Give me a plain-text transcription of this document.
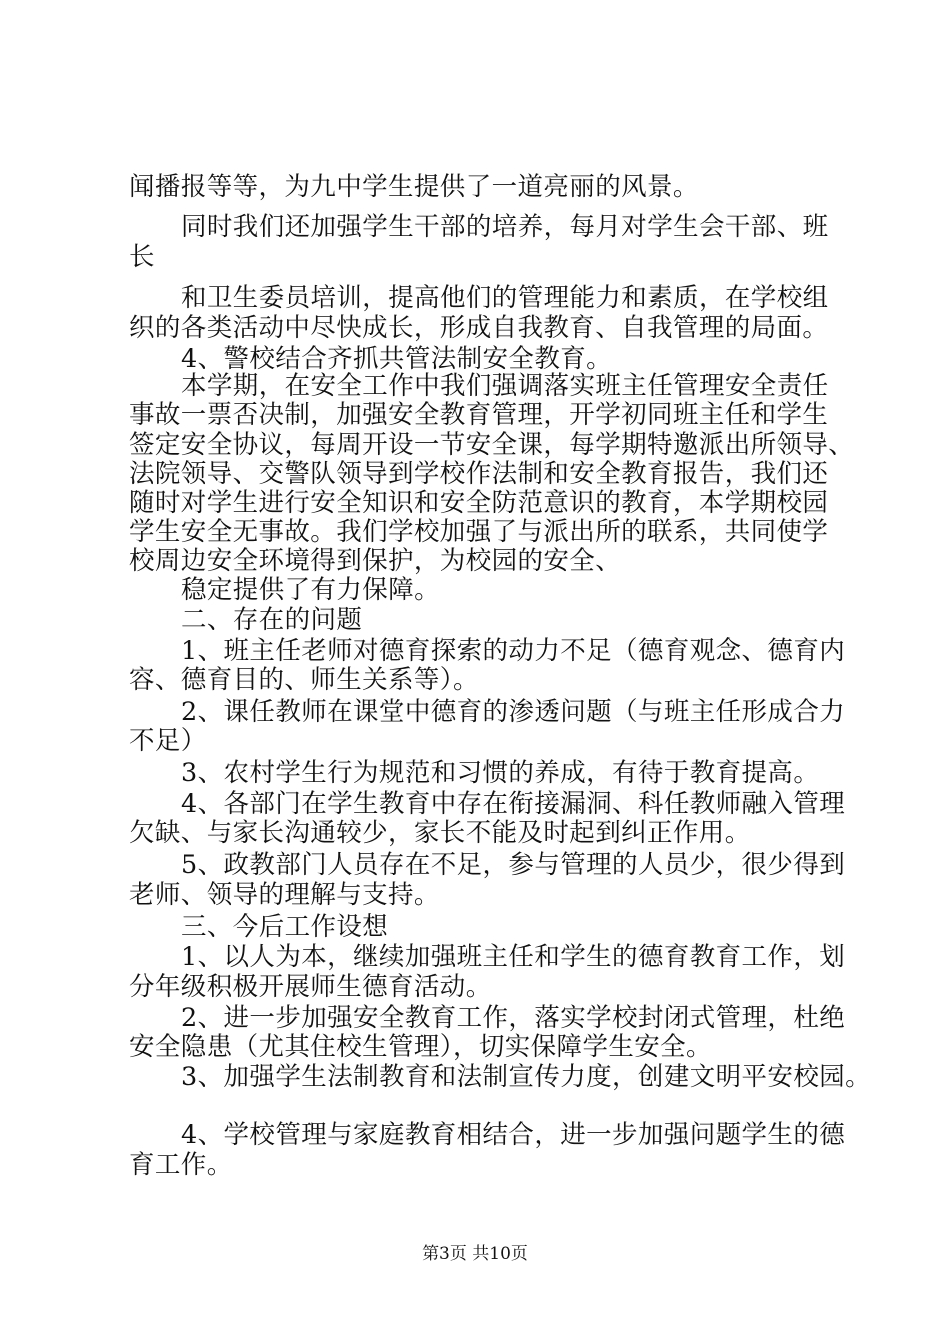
闻播报等等，为九中学生提供了一道亮丽的风景。
同时我们还加强学生干部的培养，每月对学生会干部、班
长
和卫生委员培训，提高他们的管理能力和素质，在学校组
织的各类活动中尽快成长，形成自我教育、自我管理的局面。
4、警校结合齐抓共管法制安全教育。
本学期，在安全工作中我们强调落实班主任管理安全责任
事故一票否决制，加强安全教育管理，开学初同班主任和学生
签定安全协议，每周开设一节安全课，每学期特邀派出所领导、
法院领导、交警队领导到学校作法制和安全教育报告，我们还
随时对学生进行安全知识和安全防范意识的教育，本学期校园
学生安全无事故。我们学校加强了与派出所的联系，共同使学
校周边安全环境得到保护，为校园的安全、
稳定提供了有力保障。
二、存在的问题
1、班主任老师对德育探索的动力不足（德育观念、德育内
容、德育目的、师生关系等）。
2、课任教师在课堂中德育的渗透问题（与班主任形成合力
不足）
3、农村学生行为规范和习惯的养成，有待于教育提高。
4、各部门在学生教育中存在衔接漏洞、科任教师融入管理
欠缺、与家长沟通较少，家长不能及时起到纠正作用。
5、政教部门人员存在不足，参与管理的人员少，很少得到
老师、领导的理解与支持。
三、今后工作设想
1、以人为本，继续加强班主任和学生的德育教育工作，划
分年级积极开展师生德育活动。
2、进一步加强安全教育工作，落实学校封闭式管理，杜绝
安全隐患（尤其住校生管理），切实保障学生安全。
3、加强学生法制教育和法制宣传力度，创建文明平安校园。
4、学校管理与家庭教育相结合，进一步加强问题学生的德
育工作。
第3页 共10页
